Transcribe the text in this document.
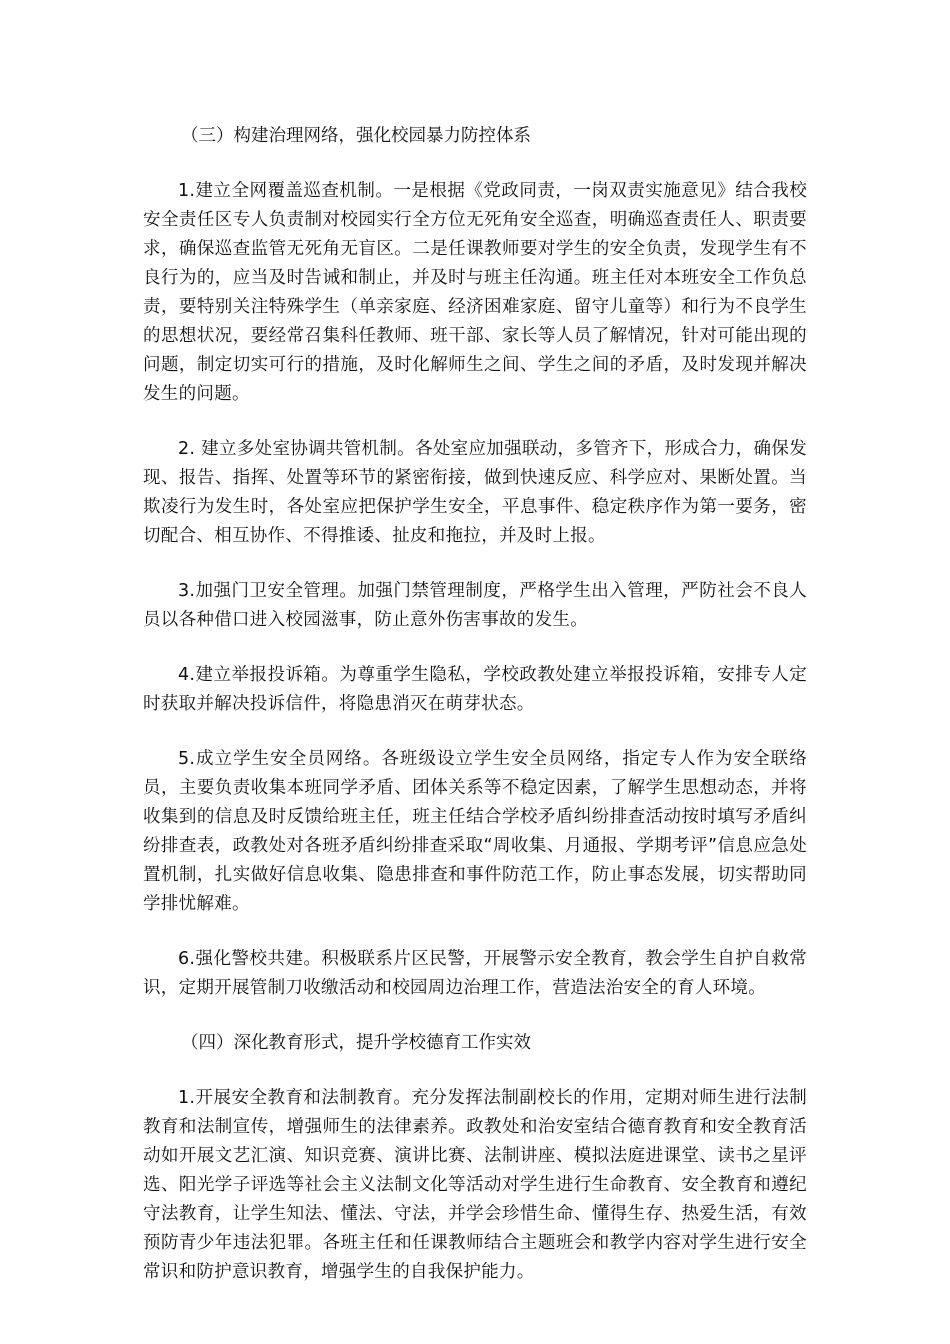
（三）构建治理网络，强化校园暴力防控体系

1.建立全网覆盖巡查机制。一是根据《党政同责，一岗双责实施意见》结合我校安全责任区专人负责制对校园实行全方位无死角安全巡查，明确巡查责任人、职责要求，确保巡查监管无死角无盲区。二是任课教师要对学生的安全负责，发现学生有不良行为的，应当及时告诫和制止，并及时与班主任沟通。班主任对本班安全工作负总责，要特别关注特殊学生（单亲家庭、经济困难家庭、留守儿童等）和行为不良学生的思想状况，要经常召集科任教师、班干部、家长等人员了解情况，针对可能出现的问题，制定切实可行的措施，及时化解师生之间、学生之间的矛盾，及时发现并解决发生的问题。

2. 建立多处室协调共管机制。各处室应加强联动，多管齐下，形成合力，确保发现、报告、指挥、处置等环节的紧密衔接，做到快速反应、科学应对、果断处置。当欺凌行为发生时，各处室应把保护学生安全，平息事件、稳定秩序作为第一要务，密切配合、相互协作、不得推诿、扯皮和拖拉，并及时上报。

3.加强门卫安全管理。加强门禁管理制度，严格学生出入管理，严防社会不良人员以各种借口进入校园滋事，防止意外伤害事故的发生。

4.建立举报投诉箱。为尊重学生隐私，学校政教处建立举报投诉箱，安排专人定时获取并解决投诉信件，将隐患消灭在萌芽状态。

5.成立学生安全员网络。各班级设立学生安全员网络，指定专人作为安全联络员，主要负责收集本班同学矛盾、团体关系等不稳定因素，了解学生思想动态，并将收集到的信息及时反馈给班主任，班主任结合学校矛盾纠纷排查活动按时填写矛盾纠纷排查表，政教处对各班矛盾纠纷排查采取“周收集、月通报、学期考评”信息应急处置机制，扎实做好信息收集、隐患排查和事件防范工作，防止事态发展，切实帮助同学排忧解难。

6.强化警校共建。积极联系片区民警，开展警示安全教育，教会学生自护自救常识，定期开展管制刀收缴活动和校园周边治理工作，营造法治安全的育人环境。

（四）深化教育形式，提升学校德育工作实效

1.开展安全教育和法制教育。充分发挥法制副校长的作用，定期对师生进行法制教育和法制宣传，增强师生的法律素养。政教处和治安室结合德育教育和安全教育活动如开展文艺汇演、知识竞赛、演讲比赛、法制讲座、模拟法庭进课堂、读书之星评选、阳光学子评选等社会主义法制文化等活动对学生进行生命教育、安全教育和遵纪守法教育，让学生知法、懂法、守法，并学会珍惜生命、懂得生存、热爱生活，有效预防青少年违法犯罪。各班主任和任课教师结合主题班会和教学内容对学生进行安全常识和防护意识教育，增强学生的自我保护能力。
